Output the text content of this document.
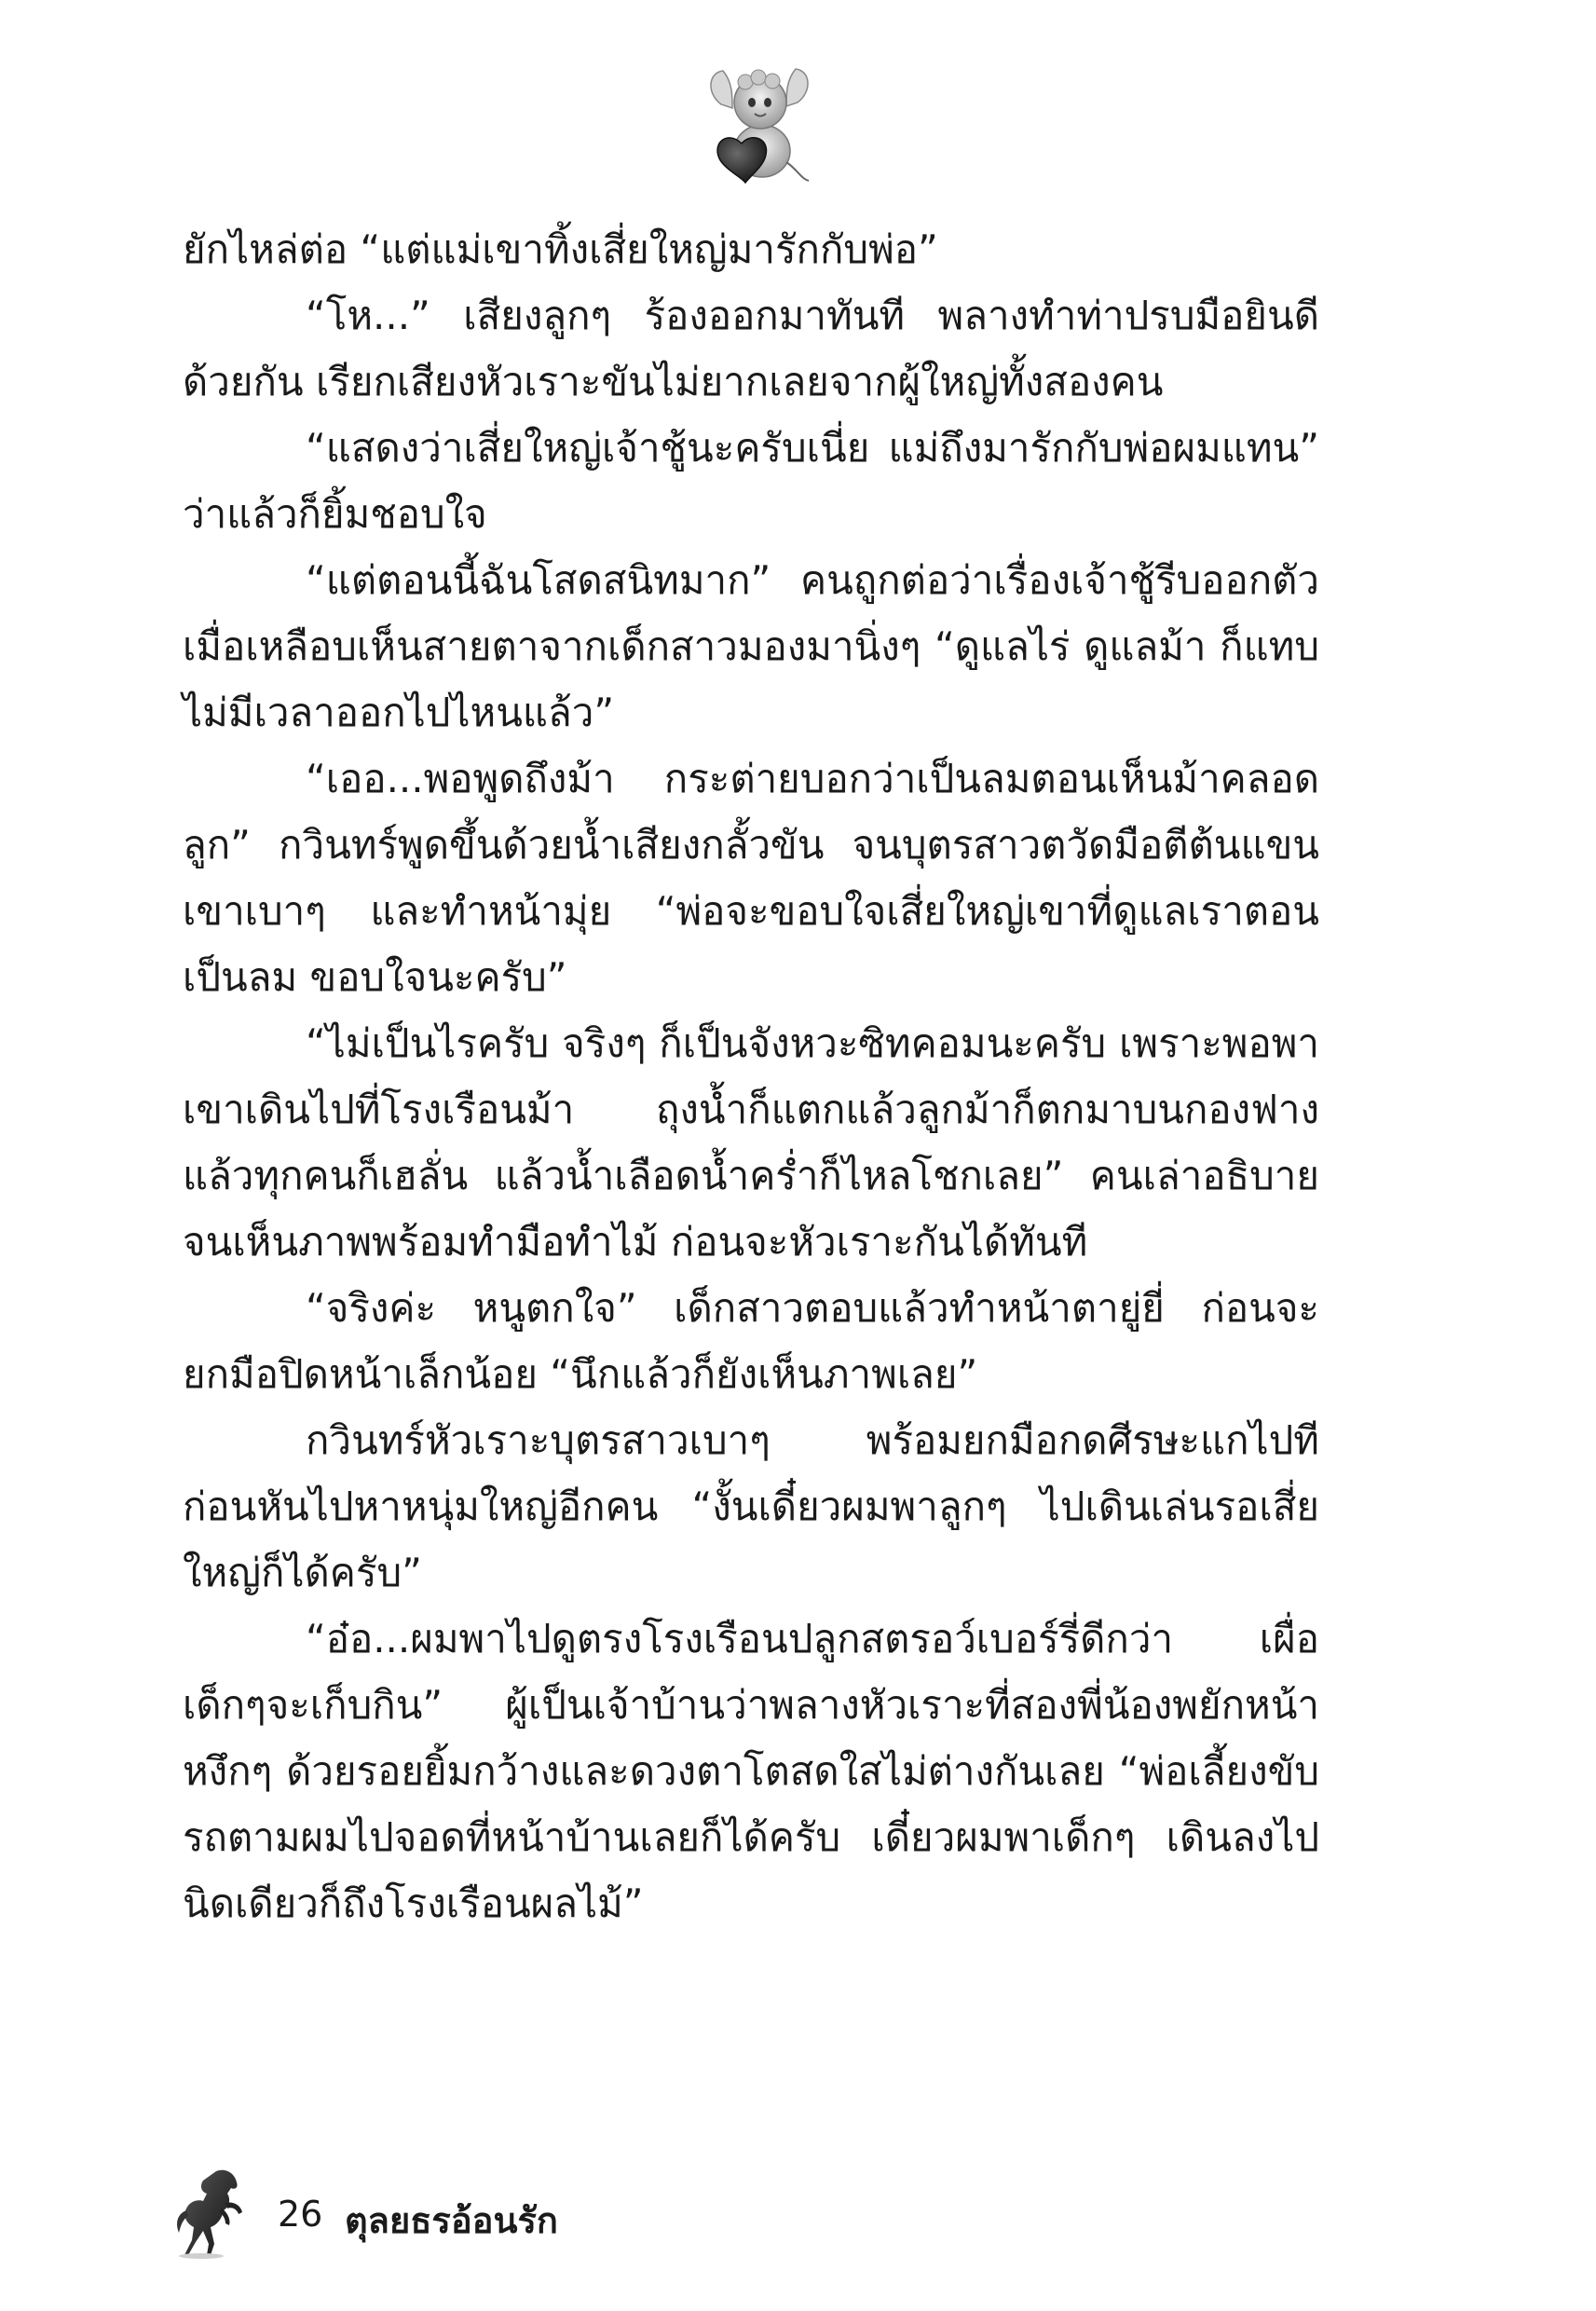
ยักไหล่ต่อ “แต่แม่เขาทิ้งเสี่ยใหญ่มารักกับพ่อ”

“โห...” เสียงลูกๆ ร้องออกมาทันที พลางทำท่าปรบมือยินดีด้วยกัน เรียกเสียงหัวเราะขันไม่ยากเลยจากผู้ใหญ่ทั้งสองคน

“แสดงว่าเสี่ยใหญ่เจ้าชู้นะครับเนี่ย แม่ถึงมารักกับพ่อผมแทน” ว่าแล้วก็ยิ้มชอบใจ

“แต่ตอนนี้ฉันโสดสนิทมาก” คนถูกต่อว่าเรื่องเจ้าชู้รีบออกตัวเมื่อเหลือบเห็นสายตาจากเด็กสาวมองมานิ่งๆ “ดูแลไร่ ดูแลม้า ก็แทบไม่มีเวลาออกไปไหนแล้ว”

“เออ...พอพูดถึงม้า กระต่ายบอกว่าเป็นลมตอนเห็นม้าคลอดลูก” กวินทร์พูดขึ้นด้วยน้ำเสียงกลั้วขัน จนบุตรสาวตวัดมือตีต้นแขนเขาเบาๆ และทำหน้ามุ่ย “พ่อจะขอบใจเสี่ยใหญ่เขาที่ดูแลเราตอนเป็นลม ขอบใจนะครับ”

“ไม่เป็นไรครับ จริงๆ ก็เป็นจังหวะซิทคอมนะครับ เพราะพอพาเขาเดินไปที่โรงเรือนม้า ถุงน้ำก็แตกแล้วลูกม้าก็ตกมาบนกองฟาง แล้วทุกคนก็เฮลั่น แล้วน้ำเลือดน้ำคร่ำก็ไหลโชกเลย” คนเล่าอธิบายจนเห็นภาพพร้อมทำมือทำไม้ ก่อนจะหัวเราะกันได้ทันที

“จริงค่ะ หนูตกใจ” เด็กสาวตอบแล้วทำหน้าตายู่ยี่ ก่อนจะยกมือปิดหน้าเล็กน้อย “นึกแล้วก็ยังเห็นภาพเลย”

กวินทร์หัวเราะบุตรสาวเบาๆ พร้อมยกมือกดศีรษะแกไปที ก่อนหันไปหาหนุ่มใหญ่อีกคน “งั้นเดี๋ยวผมพาลูกๆ ไปเดินเล่นรอเสี่ยใหญ่ก็ได้ครับ”

“อ๋อ...ผมพาไปดูตรงโรงเรือนปลูกสตรอว์เบอร์รี่ดีกว่า เผื่อเด็กๆจะเก็บกิน” ผู้เป็นเจ้าบ้านว่าพลางหัวเราะที่สองพี่น้องพยักหน้าหงึกๆ ด้วยรอยยิ้มกว้างและดวงตาโตสดใสไม่ต่างกันเลย “พ่อเลี้ยงขับรถตามผมไปจอดที่หน้าบ้านเลยก็ได้ครับ เดี๋ยวผมพาเด็กๆ เดินลงไปนิดเดียวก็ถึงโรงเรือนผลไม้”

26 ตุลยธรอ้อนรัก
